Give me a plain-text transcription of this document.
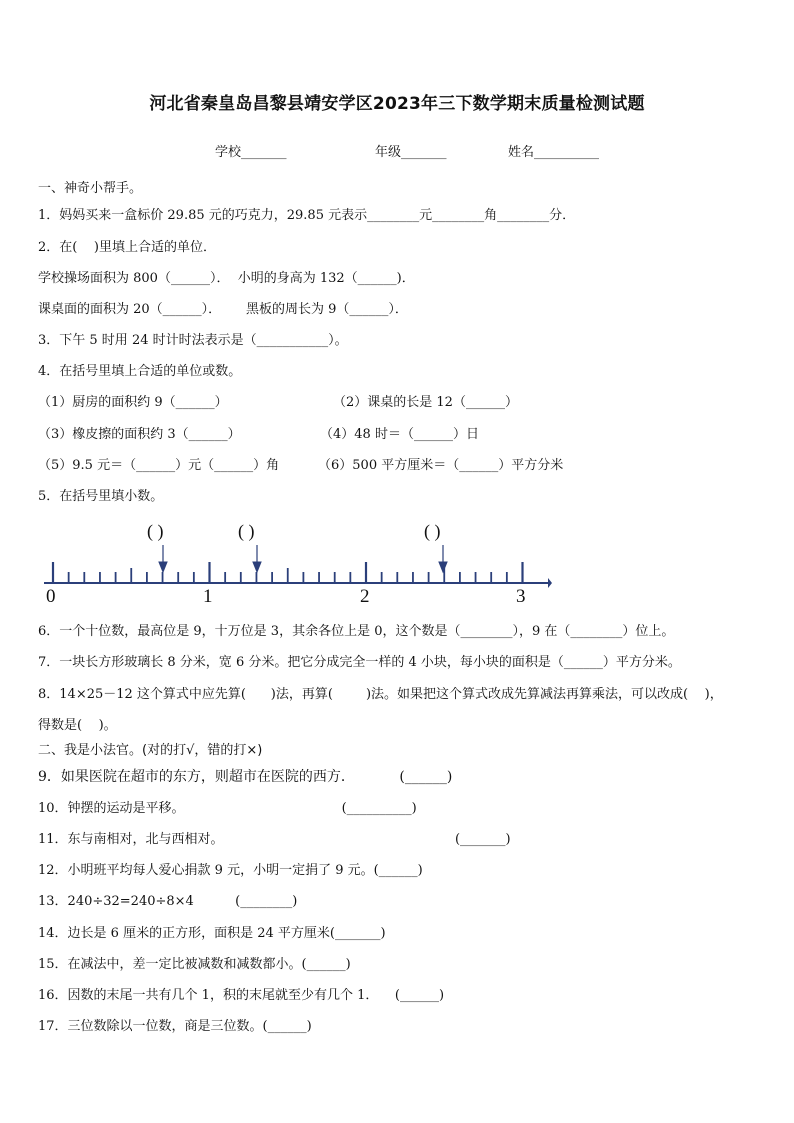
河北省秦皇岛昌黎县靖安学区2023年三下数学期末质量检测试题
学校_______	年级_______	姓名__________
一、神奇小帮手。
1．妈妈买来一盒标价 29.85 元的巧克力，29.85 元表示________元________角________分．
2．在(    )里填上合适的单位．
学校操场面积为 800（______）．  小明的身高为 132（______)．
课桌面的面积为 20（______）．      黑板的周长为 9（______）．
3．下午 5 时用 24 时计时法表示是（___________）。
4．在括号里填上合适的单位或数。
（1）厨房的面积约 9（______）	（2）课桌的长是 12（______）
（3）橡皮擦的面积约 3（______）	（4）48 时＝（______）日
（5）9.5 元＝（______）元（______）角	（6）500 平方厘米＝（______）平方分米
5．在括号里填小数。
( )	( )	( )
0	1	2	3
6．一个十位数，最高位是 9，十万位是 3，其余各位上是 0，这个数是（________），9 在（________）位上。
7．一块长方形玻璃长 8 分米，宽 6 分米。把它分成完全一样的 4 小块，每小块的面积是（______）平方分米。
8．14×25－12 这个算式中应先算(      )法，再算(        )法。如果把这个算式改成先算减法再算乘法，可以改成(    )，
得数是(    )。
二、我是小法官。(对的打√，错的打×)
9．如果医院在超市的东方，则超市在医院的西方．          (______)
10．钟摆的运动是平移。                                      (__________)
11．东与南相对，北与西相对。                                                        (_______)
12．小明班平均每人爱心捐款 9 元，小明一定捐了 9 元。(______)
13．240÷32=240÷8×4          (________)
14．边长是 6 厘米的正方形，面积是 24 平方厘米(_______)
15．在减法中，差一定比被减数和减数都小。(______)
16．因数的末尾一共有几个 1，积的末尾就至少有几个 1．    (______)
17．三位数除以一位数，商是三位数。(______)
